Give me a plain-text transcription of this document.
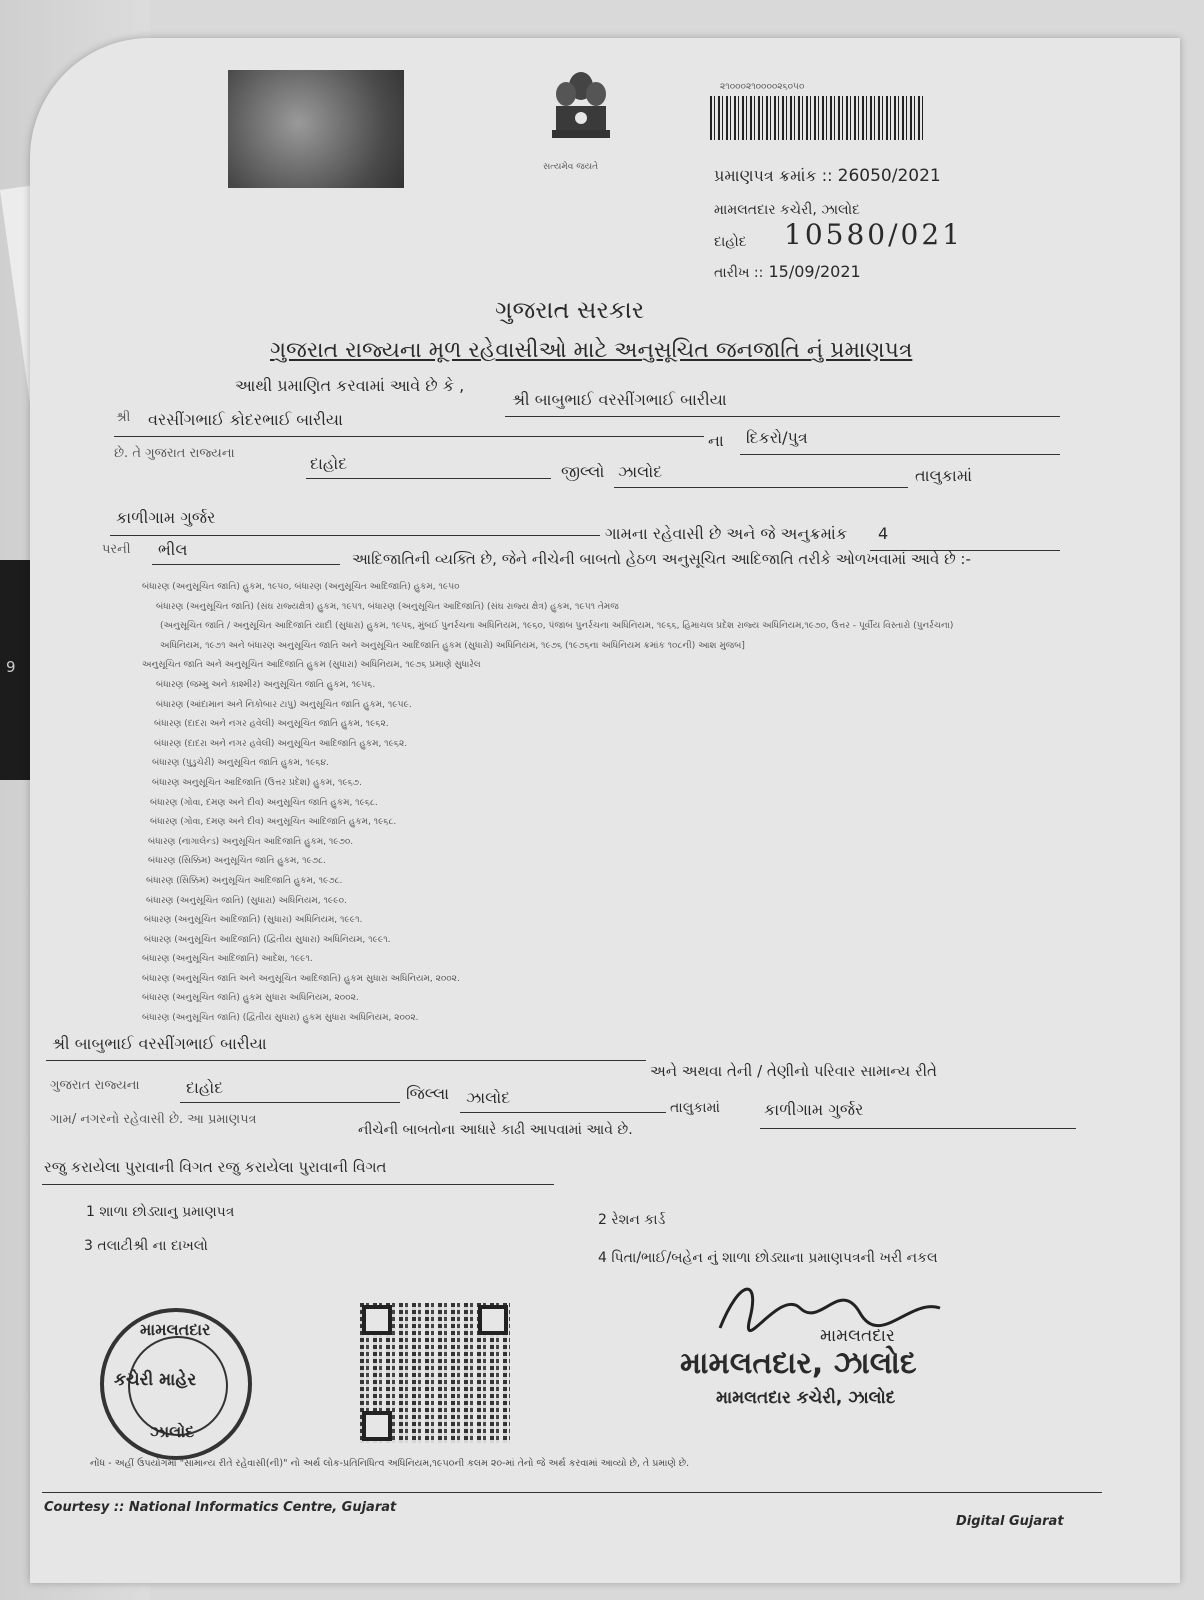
9
સત્યમેવ જયતે
૨૧૦૦૦૨૧૦૦૦૦૨૬૦૫૦
પ્રમાણપત્ર ક્રમાંક :: 26050/2021
મામલતદાર કચેરી, ઝાલોદ
દાહોદ 10580/021
તારીખ :: 15/09/2021
ગુજરાત સરકાર
ગુજરાત રાજ્યના મૂળ રહેવાસીઓ માટે અનુસૂચિત જનજાતિ નું પ્રમાણપત્ર
આથી પ્રમાણિત કરવામાં આવે છે કે ,
શ્રી બાબુભાઈ વરસીંગભાઈ બારીયા
શ્રી વરસીંગભાઈ કોદરભાઈ બારીયા
ના દિકરો/પુત્ર
છે. તે ગુજરાત રાજ્યના
દાહોદ	જીલ્લો ઝાલોદ	તાલુકામાં
કાળીગામ ગુર્જર
ગામના રહેવાસી છે અને જે અનુક્રમાંક 4
પરની ભીલ	આદિજાતિની વ્યક્તિ છે, જેને નીચેની બાબતો હેઠળ અનુસૂચિત આદિજાતિ તરીકે ઓળખવામાં આવે છે :-
બંધારણ (અનુસૂચિત જાતિ) હુકમ, ૧૯૫૦, બંધારણ (અનુસૂચિત આદિજાતિ) હુકમ, ૧૯૫૦
બંધારણ (અનુસૂચિત જાતિ) (સંઘ રાજ્યક્ષેત્ર) હુકમ, ૧૯૫૧, બંધારણ (અનુસૂચિત આદિજાતિ) (સંઘ રાજ્ય ક્ષેત્ર) હુકમ, ૧૯૫૧ તેમજ
(અનુસૂચિત જાતિ / અનુસૂચિત આદિજાતિ યાદી (સુધારા) હુકમ, ૧૯૫૬, મુંબઈ પુનર્રચના અધિનિયમ, ૧૯૬૦, પંજાબ પુનર્રચના અધિનિયમ, ૧૯૬૬, હિમાચલ પ્રદેશ રાજ્ય અધિનિયમ,૧૯૭૦, ઉત્તર - પૂર્વીય વિસ્તારો (પુનર્રચના)
અધિનિયમ, ૧૯૭૧ અને બંધારણ અનુસૂચિત જાતિ અને અનુસૂચિત આદિજાતિ હુકમ (સુધારો) અધિનિયમ, ૧૯૭૬ (૧૯૭૬ના અધિનિયમ ક્રમાંક ૧૦૮ની) આશ મુજબ]
અનુસૂચિત જાતિ અને અનુસૂચિત આદિજાતિ હુકમ (સુધારા) અધિનિયમ, ૧૯૭૬ પ્રમાણે સુધારેલ
બંધારણ (જમ્મુ અને કાશ્મીર) અનુસૂચિત જાતિ હુકમ, ૧૯૫૬.
બંધારણ (આંદામાન અને નિકોબાર ટાપુ) અનુસૂચિત જાતિ હુકમ, ૧૯૫૯.
બંધારણ (દાદરા અને નગર હવેલી) અનુસૂચિત જાતિ હુકમ, ૧૯૬૨.
બંધારણ (દાદરા અને નગર હવેલી) અનુસૂચિત આદિજાતિ હુકમ, ૧૯૬૨.
બંધારણ (પુડુચેરી) અનુસૂચિત જાતિ હુકમ, ૧૯૬૪.
બંધારણ અનુસૂચિત આદિજાતિ (ઉત્તર પ્રદેશ) હુકમ, ૧૯૬૭.
બંધારણ (ગોવા, દમણ અને દીવ) અનુસૂચિત જાતિ હુકમ, ૧૯૬૮.
બંધારણ (ગોવા, દમણ અને દીવ) અનુસૂચિત આદિજાતિ હુકમ, ૧૯૬૮.
બંધારણ (નાગાલેન્ડ) અનુસૂચિત આદિજાતિ હુકમ, ૧૯૭૦.
બંધારણ (સિક્કિમ) અનુસૂચિત જાતિ હુકમ, ૧૯૭૮.
બંધારણ (સિક્કિમ) અનુસૂચિત આદિજાતિ હુકમ, ૧૯૭૮.
બંધારણ (અનુસૂચિત જાતિ) (સુધારા) અધિનિયમ, ૧૯૯૦.
બંધારણ (અનુસૂચિત આદિજાતિ) (સુધારા) અધિનિયમ, ૧૯૯૧.
બંધારણ (અનુસૂચિત આદિજાતિ) (દ્વિતીય સુધારા) અધિનિયમ, ૧૯૯૧.
બંધારણ (અનુસૂચિત આદિજાતિ) આદેશ, ૧૯૯૧.
બંધારણ (અનુસૂચિત જાતિ અને અનુસૂચિત આદિજાતિ) હુકમ સુધારા અધિનિયમ, ૨૦૦૨.
બંધારણ (અનુસૂચિત જાતિ) હુકમ સુધારા અધિનિયમ, ૨૦૦૨.
બંધારણ (અનુસૂચિત જાતિ) (દ્વિતીય સુધારા) હુકમ સુધારા અધિનિયમ, ૨૦૦૨.
શ્રી બાબુભાઈ વરસીંગભાઈ બારીયા
અને અથવા તેની / તેણીનો પરિવાર સામાન્ય રીતે
ગુજરાત રાજ્યના	દાહોદ	જિલ્લા ઝાલોદ
તાલુકામાં	કાળીગામ ગુર્જર
ગામ/ નગરનો રહેવાસી છે. આ પ્રમાણપત્ર
નીચેની બાબતોના આધારે કાઢી આપવામાં આવે છે.
રજુ કરાયેલા પુરાવાની વિગત રજુ કરાયેલા પુરાવાની વિગત
1 શાળા છોડ્યાનુ પ્રમાણપત્ર	2 રેશન કાર્ડ
3 તલાટીશ્રી ના દાખલો
4 પિતા/ભાઈ/બહેન નું શાળા છોડ્યાના પ્રમાણપત્રની ખરી નકલ
મામલતદાર
કચેરી માહેર
ઝાલોદ
મામલતદાર
મામલતદાર, ઝાલોદ
મામલતદાર કચેરી, ઝાલોદ
નોંધ - અહીં ઉપયોગમાં "સામાન્ય રીતે રહેવાસી(ની)" નો અર્થ લોક-પ્રતિનિધિત્વ અધિનિયમ,૧૯૫૦ની કલમ ૨૦-માં તેનો જે અર્થ કરવામાં આવ્યો છે, તે પ્રમાણે છે.
Courtesy :: National Informatics Centre, Gujarat
Digital Gujarat
